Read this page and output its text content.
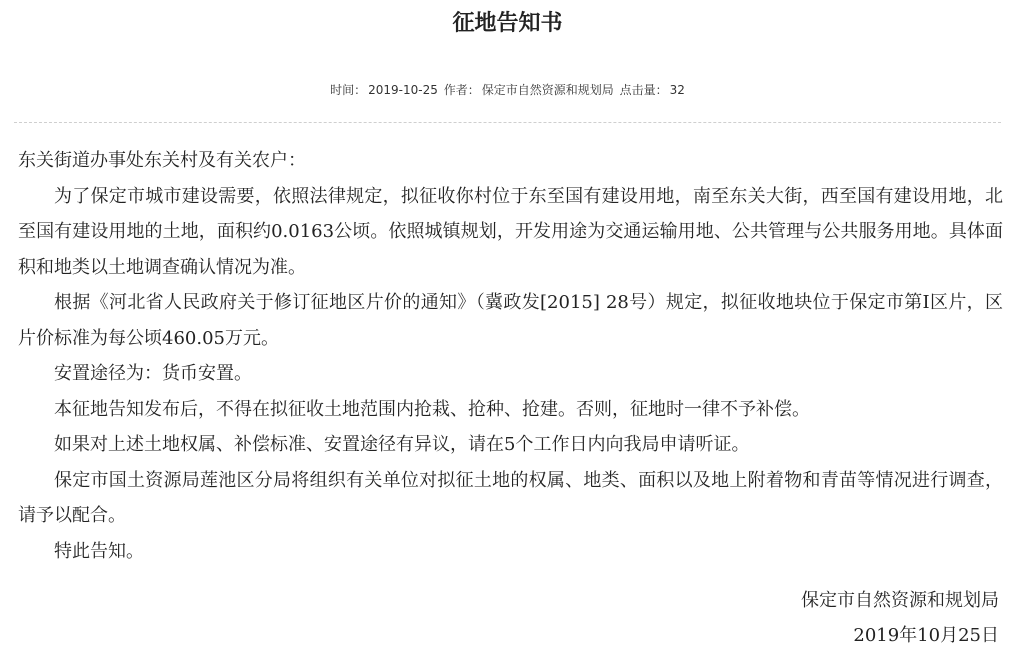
征地告知书
时间： 2019-10-25 作者： 保定市自然资源和规划局 点击量： 32

东关街道办事处东关村及有关农户：

为了保定市城市建设需要，依照法律规定，拟征收你村位于东至国有建设用地，南至东关大街，西至国有建设用地，北至国有建设用地的土地，面积约0.0163公顷。依照城镇规划，开发用途为交通运输用地、公共管理与公共服务用地。具体面积和地类以土地调查确认情况为准。

根据《河北省人民政府关于修订征地区片价的通知》（冀政发[2015] 28号）规定，拟征收地块位于保定市第Ⅰ区片，区片价标准为每公顷460.05万元。

安置途径为：货币安置。

本征地告知发布后，不得在拟征收土地范围内抢栽、抢种、抢建。否则，征地时一律不予补偿。

如果对上述土地权属、补偿标准、安置途径有异议，请在5个工作日内向我局申请听证。

保定市国土资源局莲池区分局将组织有关单位对拟征土地的权属、地类、面积以及地上附着物和青苗等情况进行调查，请予以配合。

特此告知。

保定市自然资源和规划局
2019年10月25日
